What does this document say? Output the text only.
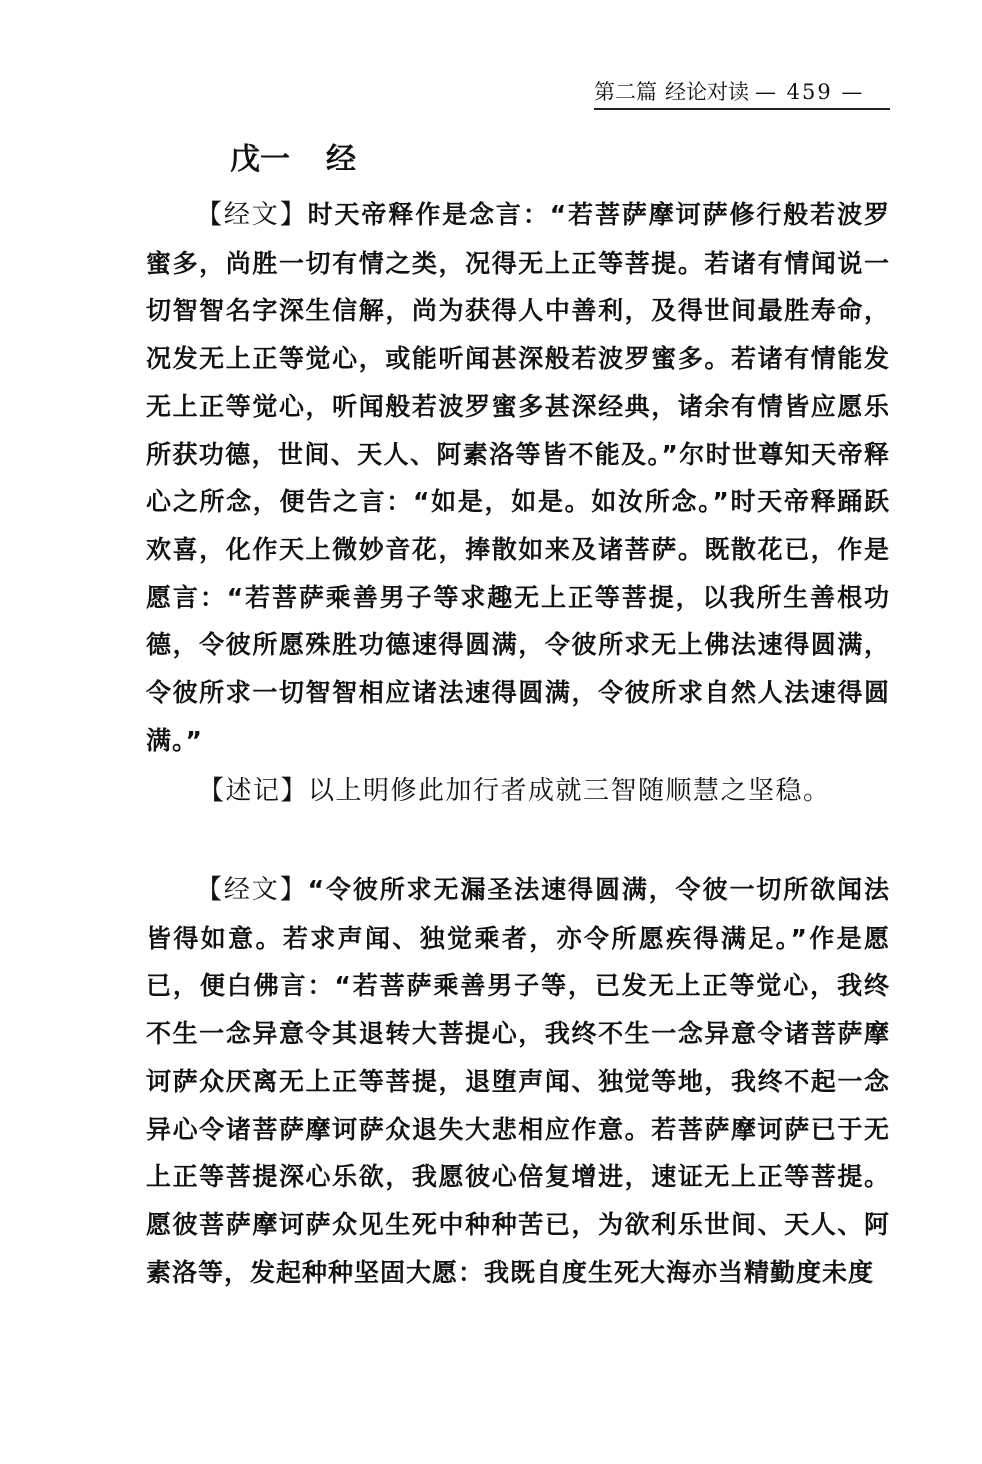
第二篇 经论对读 — 459 —
戊一 经

【经文】时天帝释作是念言：“若菩萨摩诃萨修行般若波罗蜜多，尚胜一切有情之类，况得无上正等菩提。若诸有情闻说一切智智名字深生信解，尚为获得人中善利，及得世间最胜寿命，况发无上正等觉心，或能听闻甚深般若波罗蜜多。若诸有情能发无上正等觉心，听闻般若波罗蜜多甚深经典，诸余有情皆应愿乐所获功德，世间、天人、阿素洛等皆不能及。”尔时世尊知天帝释心之所念，便告之言：“如是，如是。如汝所念。”时天帝释踊跃欢喜，化作天上微妙音花，捧散如来及诸菩萨。既散花已，作是愿言：“若菩萨乘善男子等求趣无上正等菩提，以我所生善根功德，令彼所愿殊胜功德速得圆满，令彼所求无上佛法速得圆满，令彼所求一切智智相应诸法速得圆满，令彼所求自然人法速得圆满。”

【述记】以上明修此加行者成就三智随顺慧之坚稳。

【经文】“令彼所求无漏圣法速得圆满，令彼一切所欲闻法皆得如意。若求声闻、独觉乘者，亦令所愿疾得满足。”作是愿已，便白佛言：“若菩萨乘善男子等，已发无上正等觉心，我终不生一念异意令其退转大菩提心，我终不生一念异意令诸菩萨摩诃萨众厌离无上正等菩提，退堕声闻、独觉等地，我终不起一念异心令诸菩萨摩诃萨众退失大悲相应作意。若菩萨摩诃萨已于无上正等菩提深心乐欲，我愿彼心倍复增进，速证无上正等菩提。愿彼菩萨摩诃萨众见生死中种种苦已，为欲利乐世间、天人、阿素洛等，发起种种坚固大愿：我既自度生死大海亦当精勤度未度
